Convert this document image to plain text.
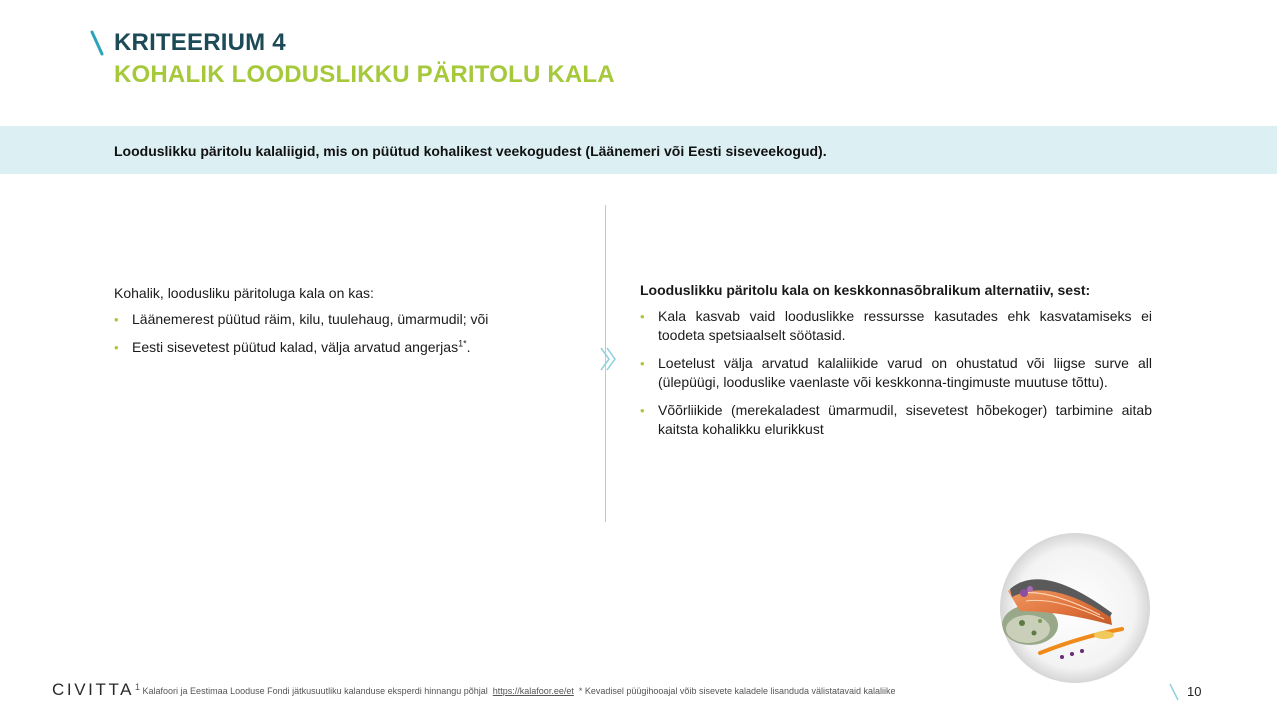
KRITEERIUM 4
KOHALIK LOODUSLIKKU PÄRITOLU KALA
Looduslikku päritolu kalaliigid, mis on püütud kohalikest veekogudest (Läänemeri või Eesti siseveekogud).

Kohalik, loodusliku päritoluga kala on kas:

• Läänemerest püütud räim, kilu, tuulehaug, ümarmudil; või
• Eesti sisevetest püütud kalad, välja arvatud angerjas$^{1*}$.

Looduslikku päritolu kala on keskkonnasõbralikum alternatiiv, sest:

• Kala kasvab vaid looduslikke ressursse kasutades ehk kasvatamiseks ei toodeta spetsiaalselt söötasid.
• Loetelust välja arvatud kalaliikide varud on ohustatud või liigse surve all (ülepüügi, looduslike vaenlaste või keskkonna-tingimuste muutuse tõttu).
• Võõrliikide (merekaladest ümarmudil, sisevetest hõbekoger) tarbimine aitab kaitsta kohalikku elurikkust
CIVITTA $^1$ Kalafoori ja Eestimaa Looduse Fondi jätkusuutliku kalanduse eksperdi hinnangu põhjal https://kalafoor.ee/et * Kevadisel püügihooajal võib sisevete kaladele lisanduda välistatavaid kalaliike	10
